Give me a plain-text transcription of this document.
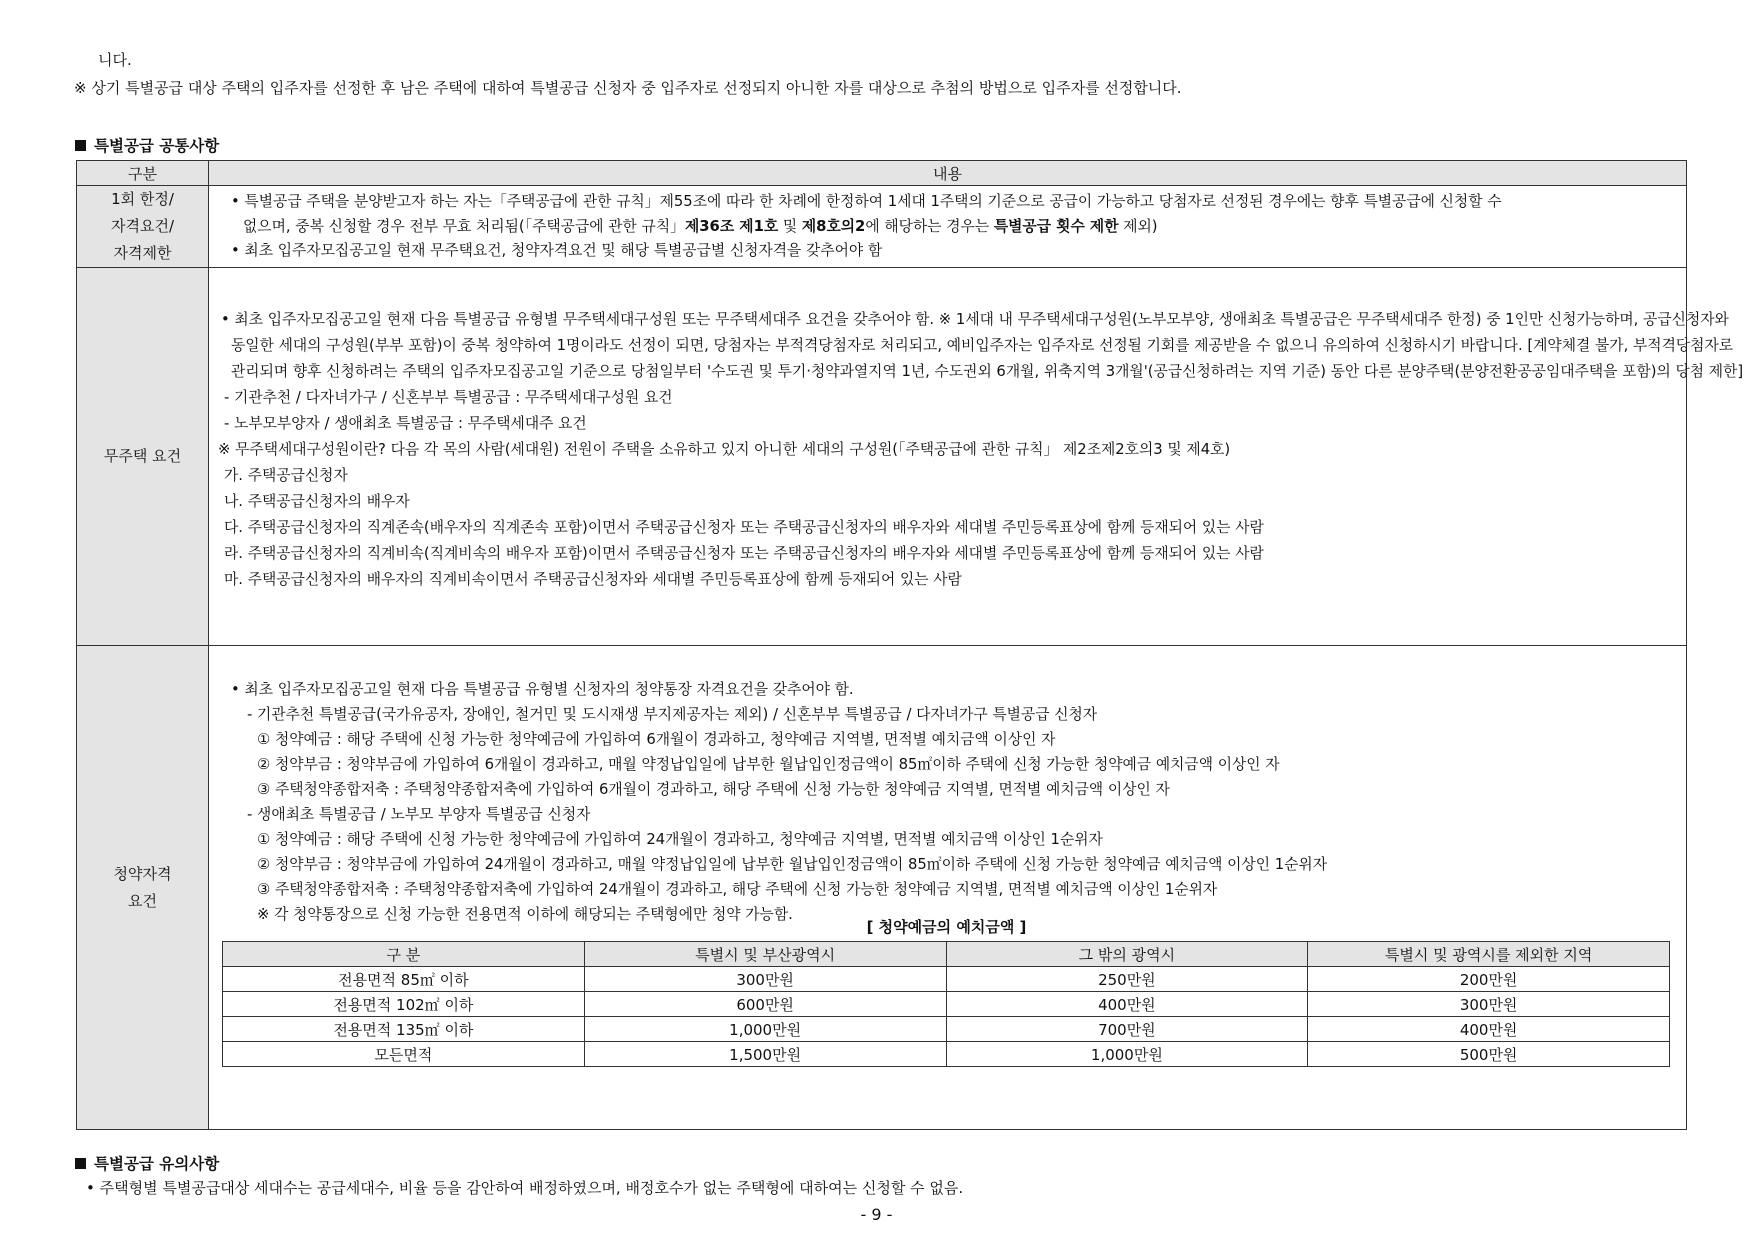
니다.
※ 상기 특별공급 대상 주택의 입주자를 선정한 후 남은 주택에 대하여 특별공급 신청자 중 입주자로 선정되지 아니한 자를 대상으로 추첨의 방법으로 입주자를 선정합니다.
특별공급 공통사항
구분	내용

1회 한정/
자격요건/
자격제한

• 특별공급 주택을 분양받고자 하는 자는「주택공급에 관한 규칙」제55조에 따라 한 차례에 한정하여 1세대 1주택의 기준으로 공급이 가능하고 당첨자로 선정된 경우에는 향후 특별공급에 신청할 수
없으며, 중복 신청할 경우 전부 무효 처리됨(「주택공급에 관한 규칙」제36조 제1호 및 제8호의2에 해당하는 경우는 특별공급 횟수 제한 제외)
• 최초 입주자모집공고일 현재 무주택요건, 청약자격요건 및 해당 특별공급별 신청자격을 갖추어야 함

무주택 요건	
• 최초 입주자모집공고일 현재 다음 특별공급 유형별 무주택세대구성원 또는 무주택세대주 요건을 갖추어야 함. ※ 1세대 내 무주택세대구성원(노부모부양, 생애최초 특별공급은 무주택세대주 한정) 중 1인만 신청가능하며, 공급신청자와
동일한 세대의 구성원(부부 포함)이 중복 청약하여 1명이라도 선정이 되면, 당첨자는 부적격당첨자로 처리되고, 예비입주자는 입주자로 선정될 기회를 제공받을 수 없으니 유의하여 신청하시기 바랍니다. [계약체결 불가, 부적격당첨자로
관리되며 향후 신청하려는 주택의 입주자모집공고일 기준으로 당첨일부터 '수도권 및 투기·청약과열지역 1년, 수도권외 6개월, 위축지역 3개월'(공급신청하려는 지역 기준) 동안 다른 분양주택(분양전환공공임대주택을 포함)의 당첨 제한]
- 기관추천 / 다자녀가구 / 신혼부부 특별공급 : 무주택세대구성원 요건
- 노부모부양자 / 생애최초 특별공급 : 무주택세대주 요건
※ 무주택세대구성원이란? 다음 각 목의 사람(세대원) 전원이 주택을 소유하고 있지 아니한 세대의 구성원(「주택공급에 관한 규칙」 제2조제2호의3 및 제4호)
가. 주택공급신청자
나. 주택공급신청자의 배우자
다. 주택공급신청자의 직계존속(배우자의 직계존속 포함)이면서 주택공급신청자 또는 주택공급신청자의 배우자와 세대별 주민등록표상에 함께 등재되어 있는 사람
라. 주택공급신청자의 직계비속(직계비속의 배우자 포함)이면서 주택공급신청자 또는 주택공급신청자의 배우자와 세대별 주민등록표상에 함께 등재되어 있는 사람
마. 주택공급신청자의 배우자의 직계비속이면서 주택공급신청자와 세대별 주민등록표상에 함께 등재되어 있는 사람

청약자격
요건

• 최초 입주자모집공고일 현재 다음 특별공급 유형별 신청자의 청약통장 자격요건을 갖추어야 함.
- 기관추천 특별공급(국가유공자, 장애인, 철거민 및 도시재생 부지제공자는 제외) / 신혼부부 특별공급 / 다자녀가구 특별공급 신청자
① 청약예금 : 해당 주택에 신청 가능한 청약예금에 가입하여 6개월이 경과하고, 청약예금 지역별, 면적별 예치금액 이상인 자
② 청약부금 : 청약부금에 가입하여 6개월이 경과하고, 매월 약정납입일에 납부한 월납입인정금액이 85㎡이하 주택에 신청 가능한 청약예금 예치금액 이상인 자
③ 주택청약종합저축 : 주택청약종합저축에 가입하여 6개월이 경과하고, 해당 주택에 신청 가능한 청약예금 지역별, 면적별 예치금액 이상인 자
- 생애최초 특별공급 / 노부모 부양자 특별공급 신청자
① 청약예금 : 해당 주택에 신청 가능한 청약예금에 가입하여 24개월이 경과하고, 청약예금 지역별, 면적별 예치금액 이상인 1순위자
② 청약부금 : 청약부금에 가입하여 24개월이 경과하고, 매월 약정납입일에 납부한 월납입인정금액이 85㎡이하 주택에 신청 가능한 청약예금 예치금액 이상인 1순위자
③ 주택청약종합저축 : 주택청약종합저축에 가입하여 24개월이 경과하고, 해당 주택에 신청 가능한 청약예금 지역별, 면적별 예치금액 이상인 1순위자
※ 각 청약통장으로 신청 가능한 전용면적 이하에 해당되는 주택형에만 청약 가능함.
[ 청약예금의 예치금액 ]
구 분	특별시 및 부산광역시	그 밖의 광역시	특별시 및 광역시를 제외한 지역
전용면적 85㎡ 이하	300만원	250만원	200만원
전용면적 102㎡ 이하	600만원	400만원	300만원
전용면적 135㎡ 이하	1,000만원	700만원	400만원
모든면적	1,500만원	1,000만원	500만원
특별공급 유의사항
• 주택형별 특별공급대상 세대수는 공급세대수, 비율 등을 감안하여 배정하였으며, 배정호수가 없는 주택형에 대하여는 신청할 수 없음.
- 9 -
